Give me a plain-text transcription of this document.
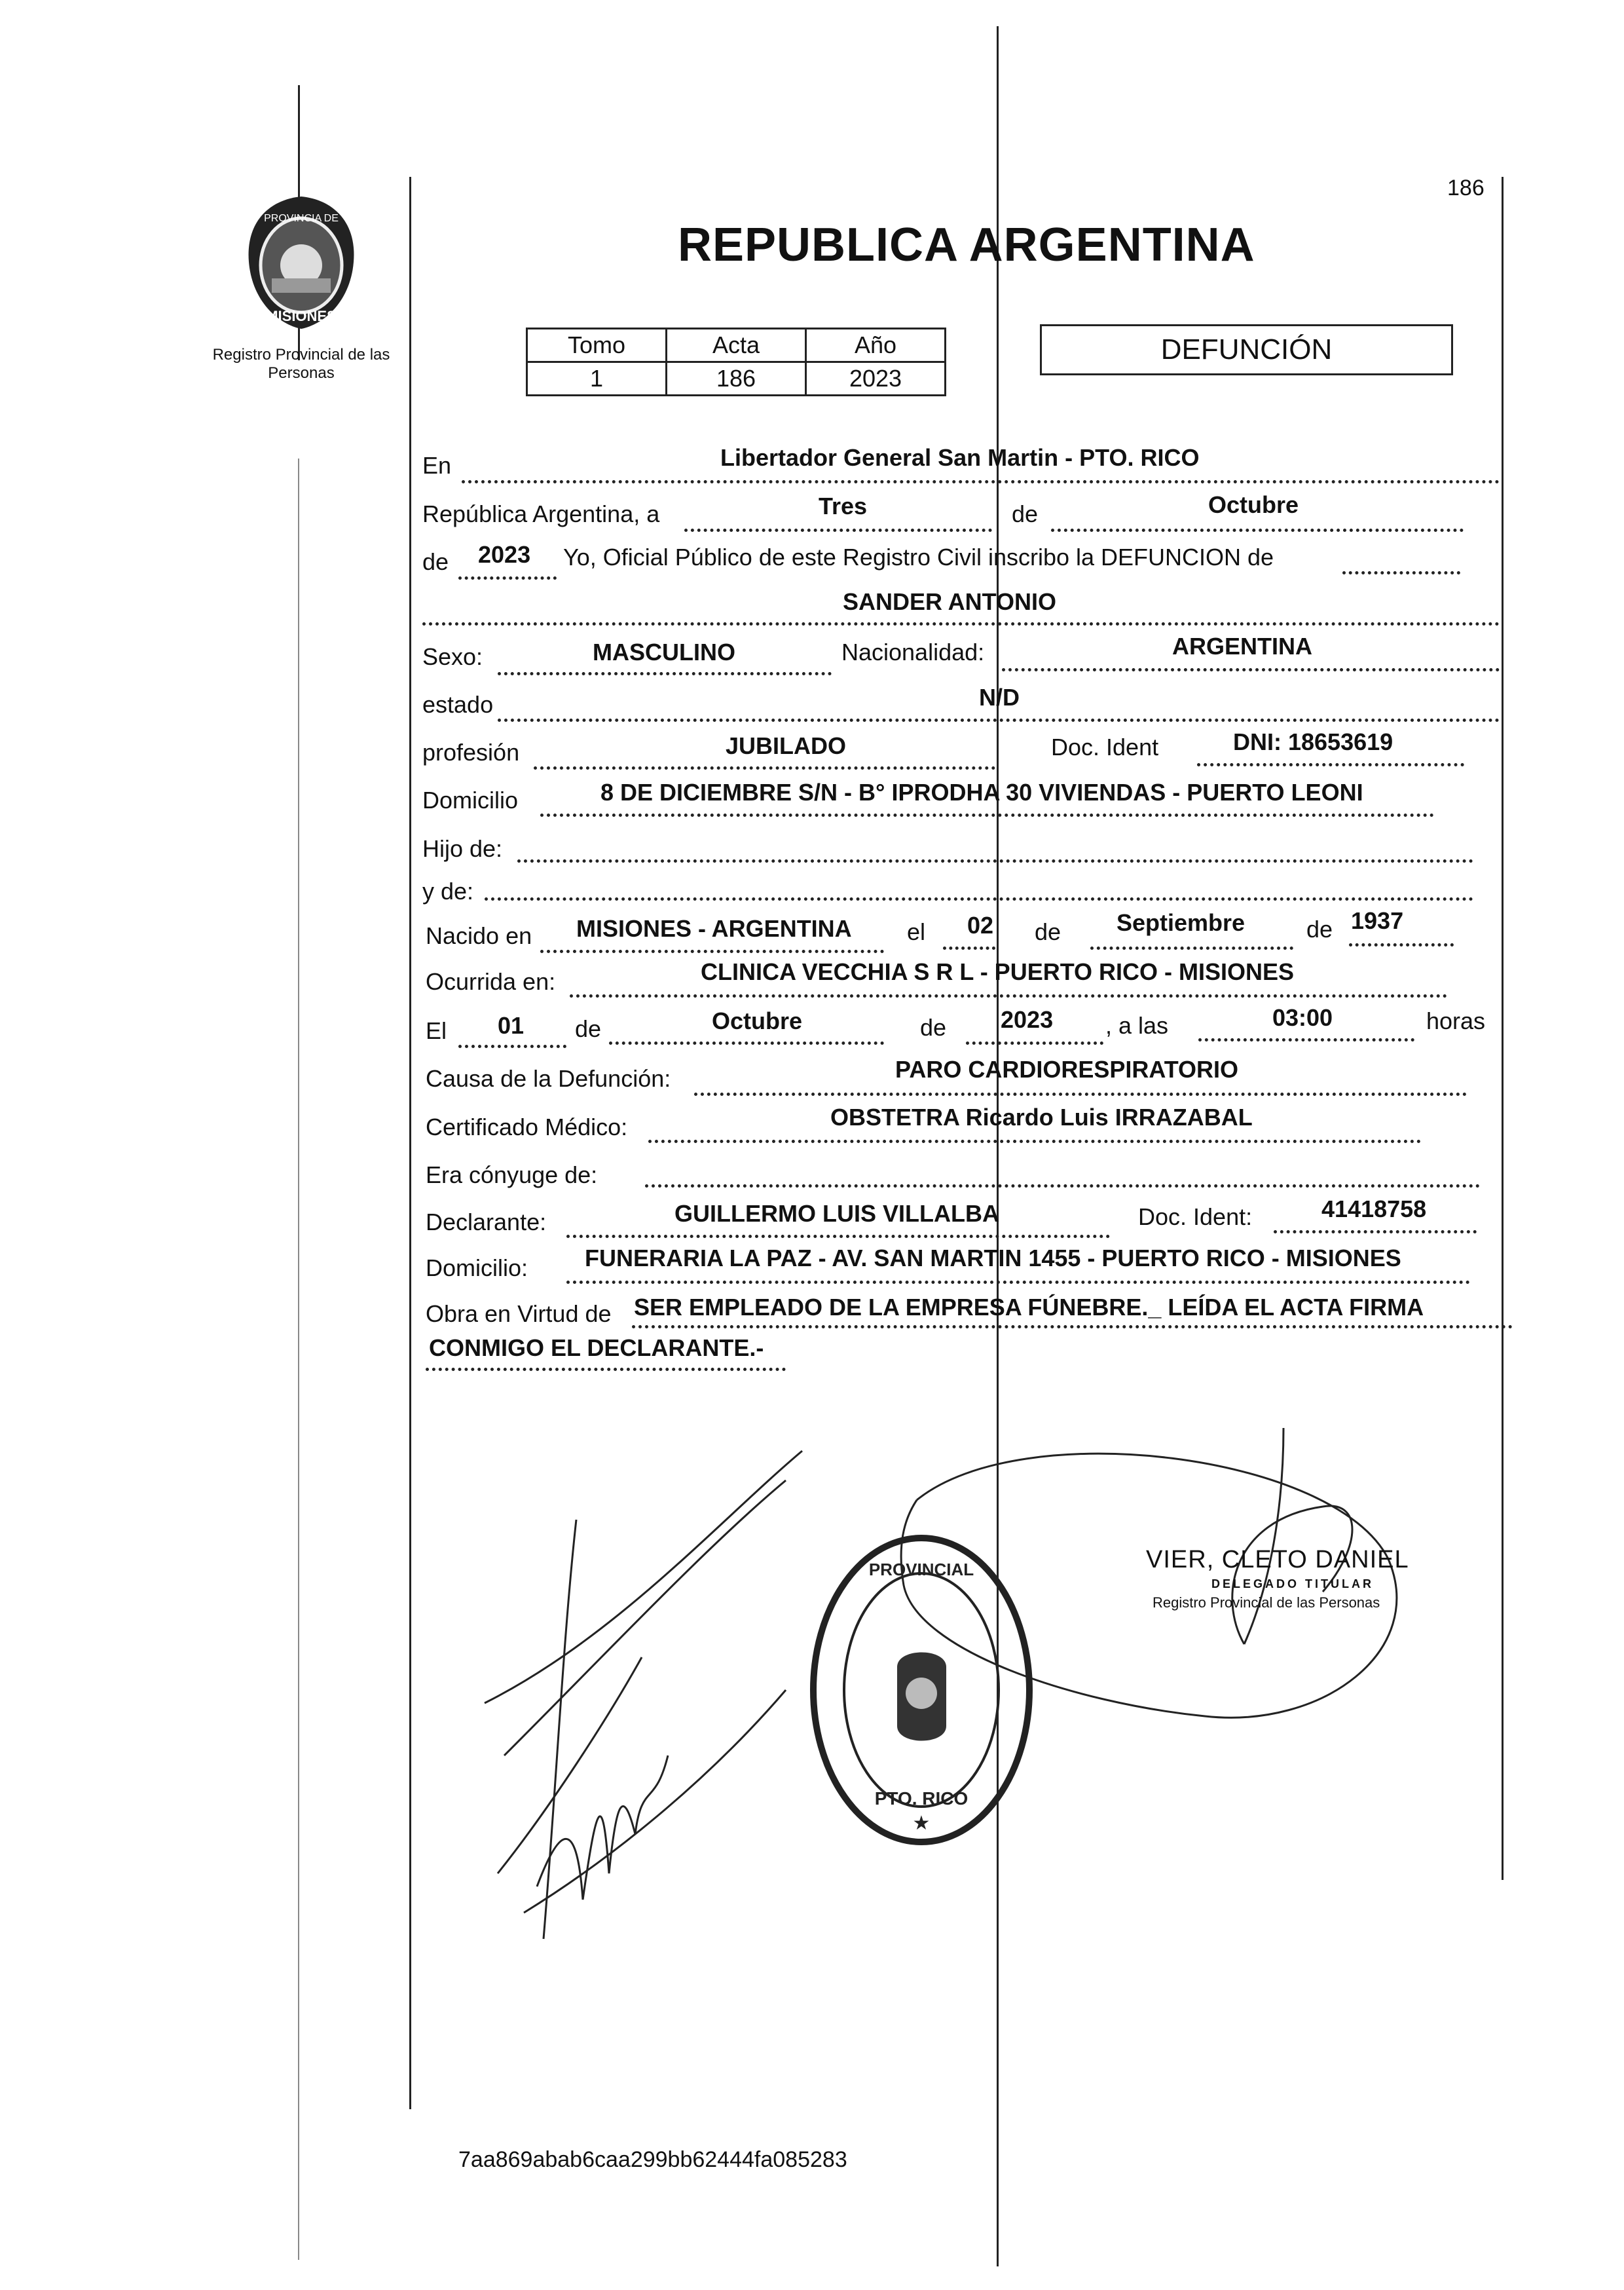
186
PROVINCIA DE
MISIONES
Registro Provincial de las Personas
REPUBLICA ARGENTINA
Tomo	Acta	Año
1	186	2023
DEFUNCIÓN
En	Libertador General San Martin - PTO. RICO
República Argentina, a	Tres	de	Octubre
de 2023 Yo, Oficial Público de este Registro Civil inscribo la DEFUNCION de
SANDER ANTONIO
Sexo:	MASCULINO	Nacionalidad:	ARGENTINA
estado	N/D
profesión	JUBILADO	Doc. Ident	DNI: 18653619
Domicilio	8 DE DICIEMBRE S/N - B° IPRODHA 30 VIVIENDAS - PUERTO LEONI
Hijo de:
y de:
Nacido en MISIONES - ARGENTINA el 02 de Septiembre	de 1937
Ocurrida en:	CLINICA VECCHIA S R L - PUERTO RICO - MISIONES
El 01 de	Octubre	de 2023 , a las	03:00	horas
Causa de la Defunción:	PARO CARDIORESPIRATORIO
Certificado Médico:	OBSTETRA Ricardo Luis IRRAZABAL
Era cónyuge de:
Declarante:	GUILLERMO LUIS VILLALBA	Doc. Ident:	41418758
Domicilio: FUNERARIA LA PAZ - AV. SAN MARTIN 1455 - PUERTO RICO - MISIONES
Obra en Virtud de SER EMPLEADO DE LA EMPRESA FÚNEBRE._ LEÍDA EL ACTA FIRMA
CONMIGO EL DECLARANTE.-
PROVINCIAL
PTO. RICO
★
VIER, CLETO DANIEL
DELEGADO TITULAR
Registro Provincial de las Personas
7aa869abab6caa299bb62444fa085283
